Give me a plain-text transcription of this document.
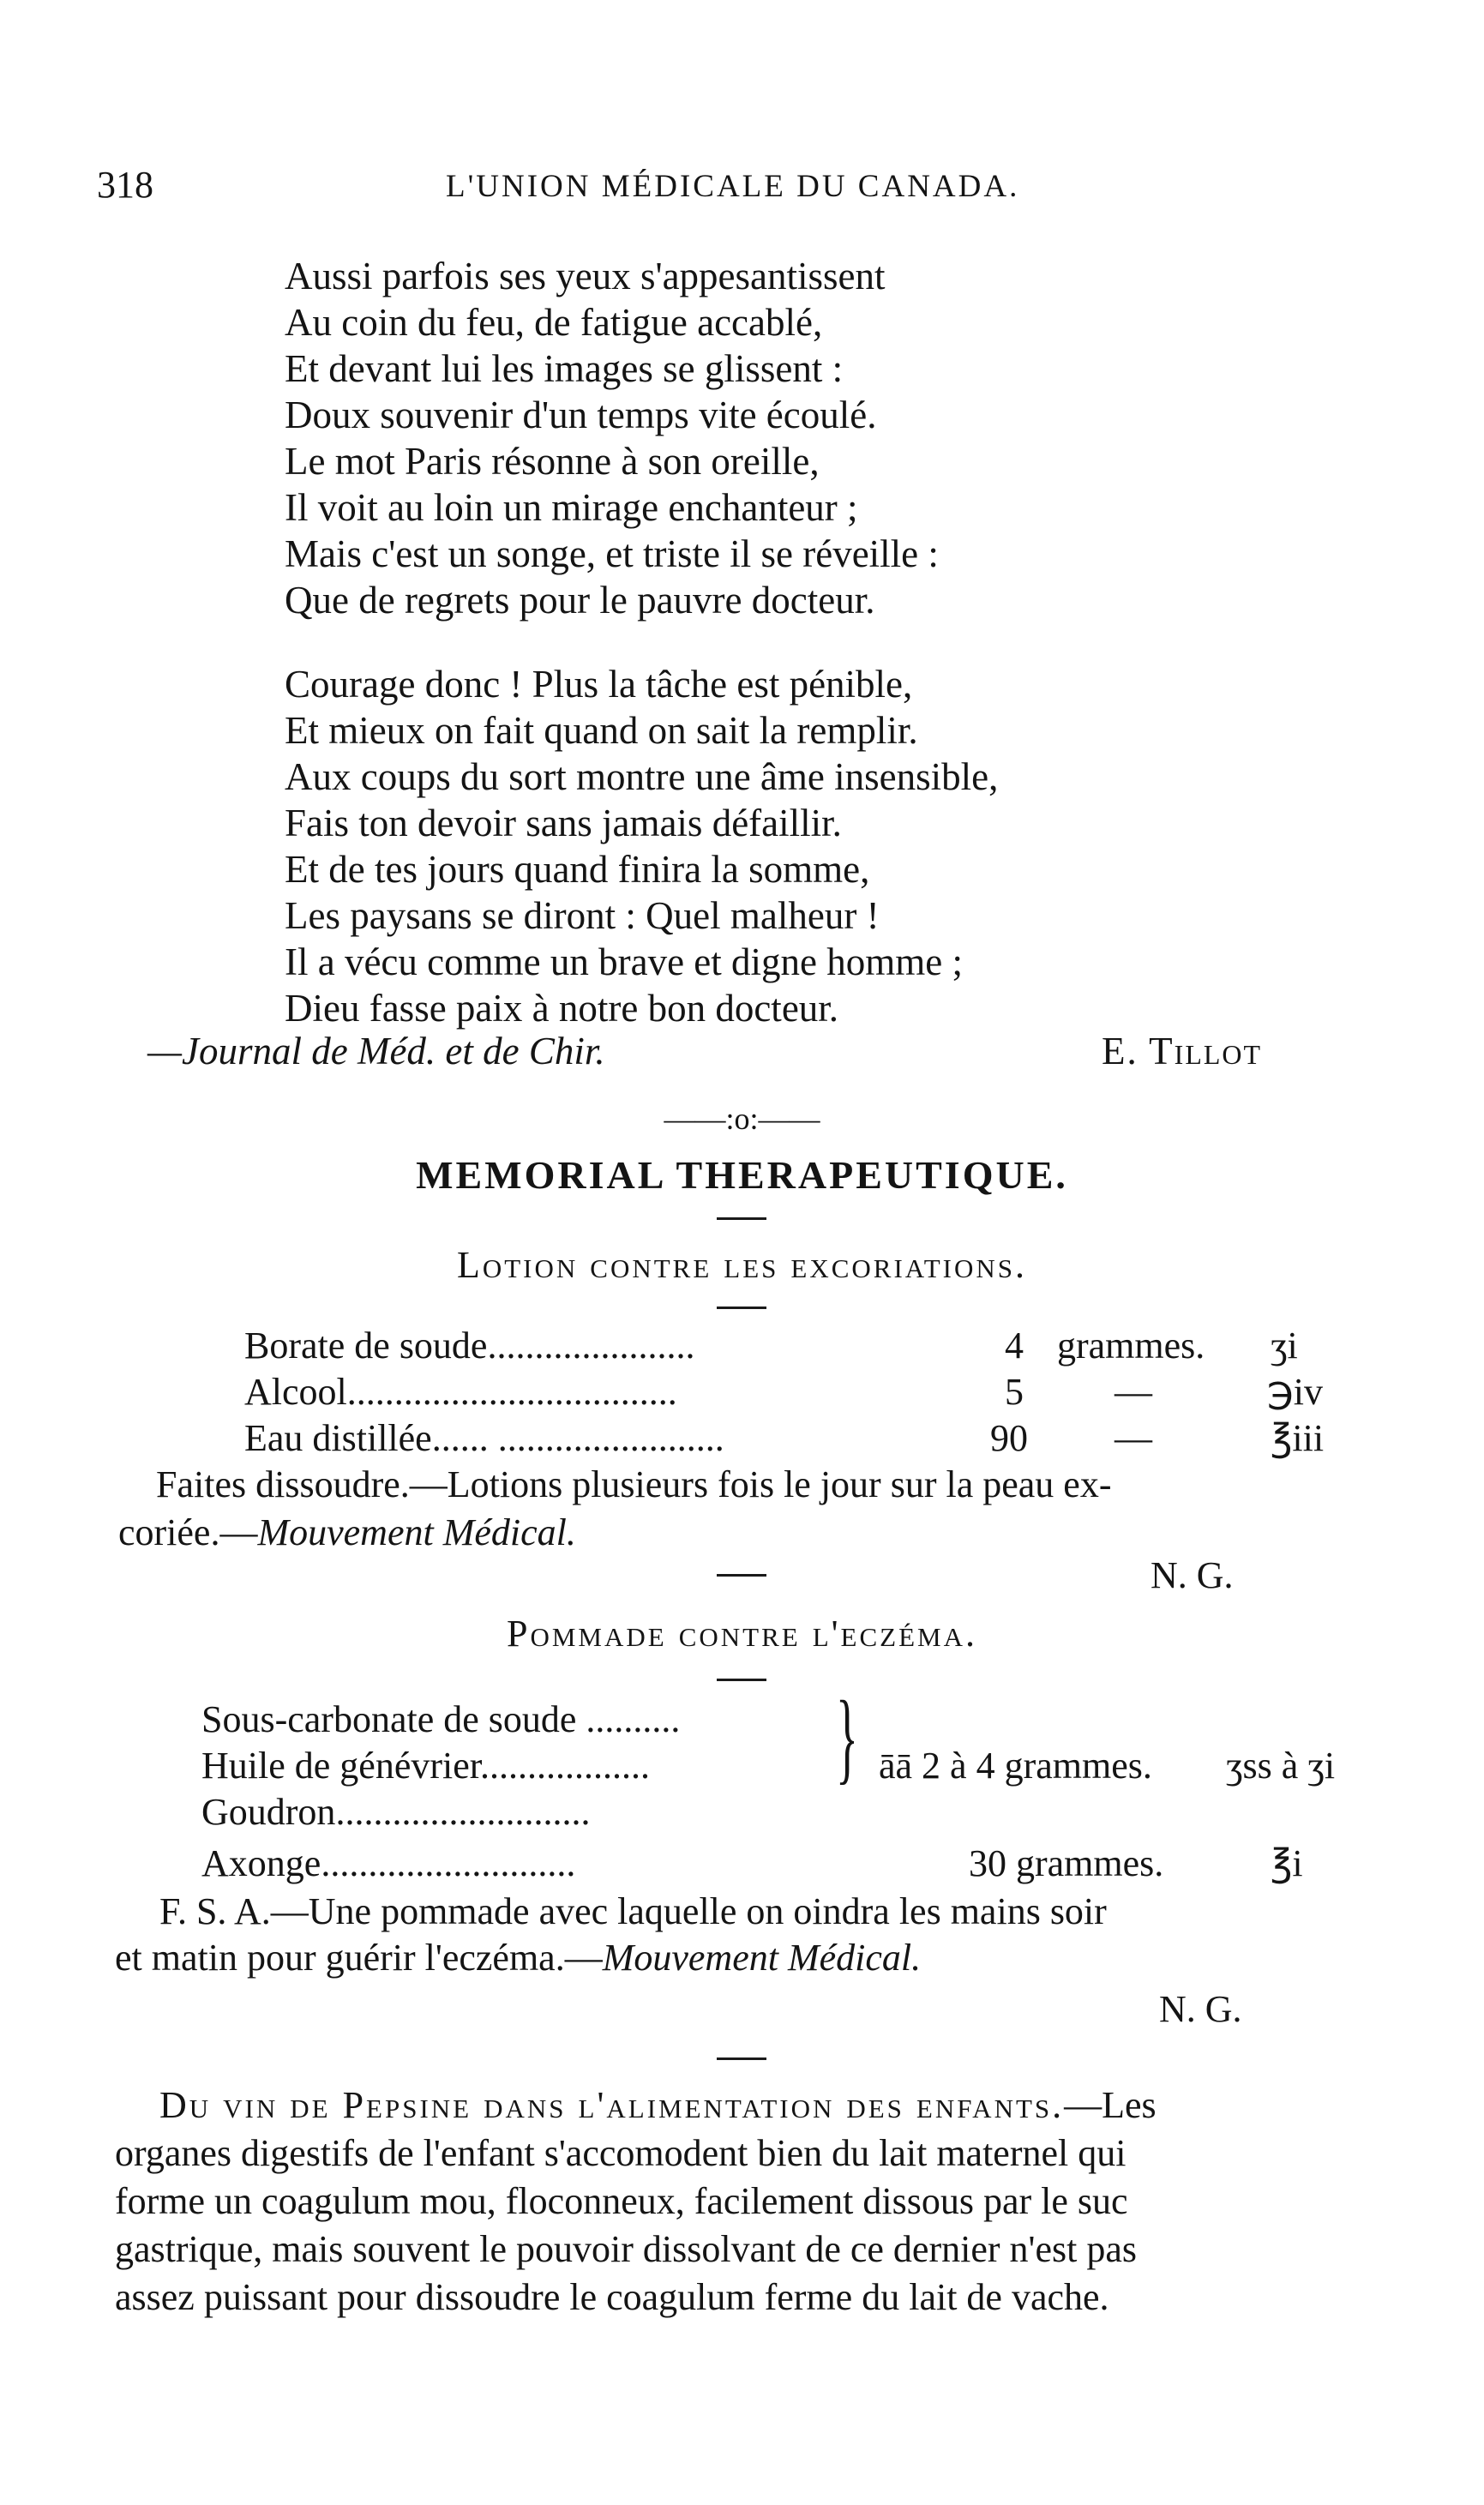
318	L'UNION MÉDICALE DU CANADA.
Aussi parfois ses yeux s'appesantissent
Au coin du feu, de fatigue accablé,
Et devant lui les images se glissent :
Doux souvenir d'un temps vite écoulé.
Le mot Paris résonne à son oreille,
Il voit au loin un mirage enchanteur ;
Mais c'est un songe, et triste il se réveille :
Que de regrets pour le pauvre docteur.
Courage donc ! Plus la tâche est pénible,
Et mieux on fait quand on sait la remplir.
Aux coups du sort montre une âme insensible,
Fais ton devoir sans jamais défaillir.
Et de tes jours quand finira la somme,
Les paysans se diront : Quel malheur !
Il a vécu comme un brave et digne homme ;
Dieu fasse paix à notre bon docteur.
—Journal de Méd. et de Chir.	E. Tillot
——:o:——
MEMORIAL THERAPEUTIQUE.
Lotion contre les excoriations.
Borate de soude......................	4 grammes. ʒi
Alcool...................................	5 —	℈iv
Eau distillée...... ........................	90 —	℥iii
Faites dissoudre.—Lotions plusieurs fois le jour sur la peau ex-
coriée.—Mouvement Médical.
N. G.
Pommade contre l'eczéma.
Sous-carbonate de soude ..........
Huile de génévrier..................
Goudron...........................
} āā 2 à 4 grammes. ʒss à ʒi
Axonge...........................	30 grammes.	℥i
F. S. A.—Une pommade avec laquelle on oindra les mains soir
et matin pour guérir l'eczéma.—Mouvement Médical.
N. G.
Du vin de Pepsine dans l'alimentation des enfants.—Les
organes digestifs de l'enfant s'accomodent bien du lait maternel qui
forme un coagulum mou, floconneux, facilement dissous par le suc
gastrique, mais souvent le pouvoir dissolvant de ce dernier n'est pas
assez puissant pour dissoudre le coagulum ferme du lait de vache.
